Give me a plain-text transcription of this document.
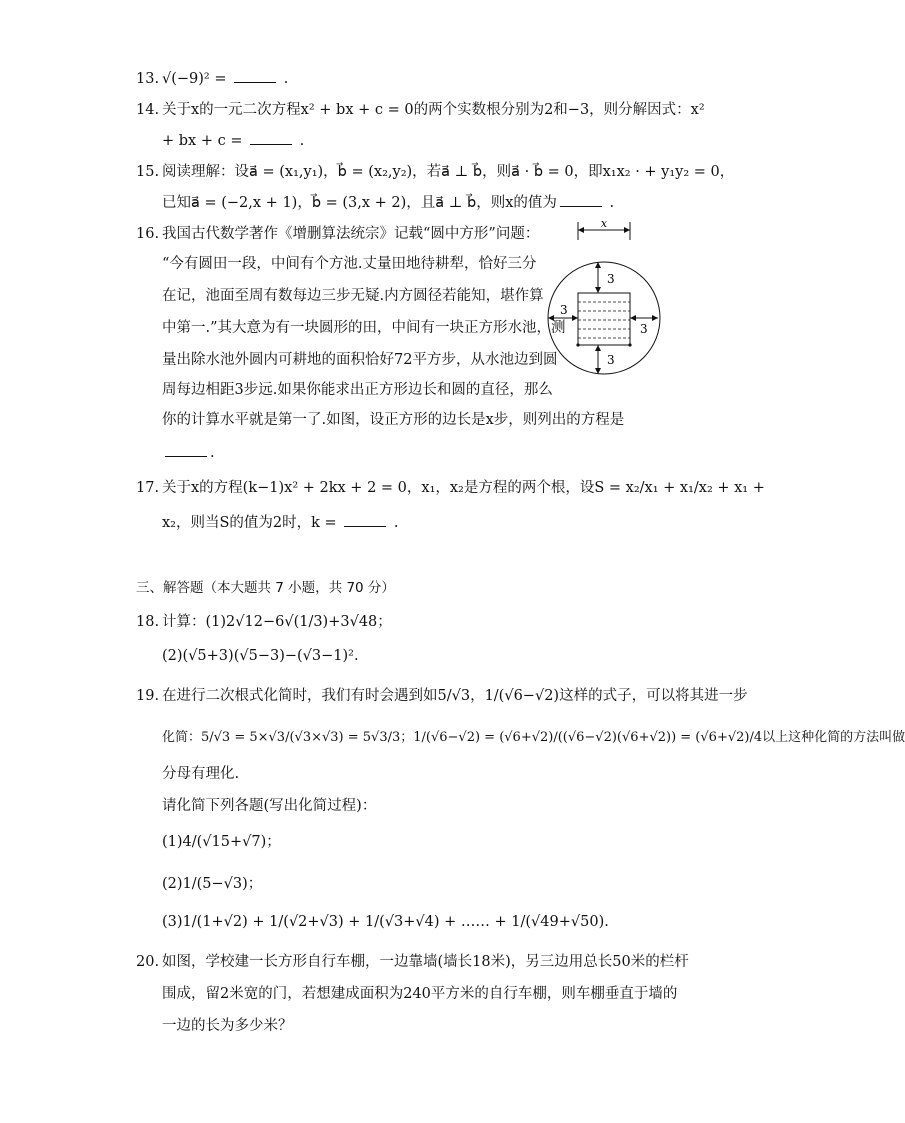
13. √(−9)² =	.
14. 关于x的一元二次方程x² + bx + c = 0的两个实数根分别为2和−3，则分解因式：x²
+ bx + c =	.
15. 阅读理解：设a⃗ = (x₁,y₁)，b⃗ = (x₂,y₂)，若a⃗ ⊥ b⃗，则a⃗ · b⃗ = 0，即x₁x₂ · + y₁y₂ = 0，
已知a⃗ = (−2,x + 1)，b⃗ = (3,x + 2)，且a⃗ ⊥ b⃗，则x的值为	.
16. 我国古代数学著作《增删算法统宗》记载“圆中方形”问题：
“今有圆田一段，中间有个方池.丈量田地待耕犁，恰好三分
在记，池面至周有数每边三步无疑.内方圆径若能知，堪作算
中第一.”其大意为有一块圆形的田，中间有一块正方形水池，测
量出除水池外圆内可耕地的面积恰好72平方步，从水池边到圆
周每边相距3步远.如果你能求出正方形边长和圆的直径，那么
你的计算水平就是第一了.如图，设正方形的边长是x步，则列出的方程是
.
x
3
3
3
3
17. 关于x的方程(k−1)x² + 2kx + 2 = 0，x₁，x₂是方程的两个根，设S = x₂/x₁ + x₁/x₂ + x₁ +
x₂，则当S的值为2时，k =	.
三、解答题（本大题共 7 小题，共 70 分）
18. 计算：(1)2√12−6√(1/3)+3√48；
(2)(√5+3)(√5−3)−(√3−1)².
19. 在进行二次根式化简时，我们有时会遇到如5/√3，1/(√6−√2)这样的式子，可以将其进一步
化简：5/√3 = 5×√3/(√3×√3) = 5√3/3；1/(√6−√2) = (√6+√2)/((√6−√2)(√6+√2)) = (√6+√2)/4以上这种化简的方法叫做
分母有理化.
请化简下列各题(写出化简过程)：
(1)4/(√15+√7)；
(2)1/(5−√3)；
(3)1/(1+√2) + 1/(√2+√3) + 1/(√3+√4) + …… + 1/(√49+√50).
20. 如图，学校建一长方形自行车棚，一边靠墙(墙长18米)，另三边用总长50米的栏杆
围成，留2米宽的门，若想建成面积为240平方米的自行车棚，则车棚垂直于墙的
一边的长为多少米？
